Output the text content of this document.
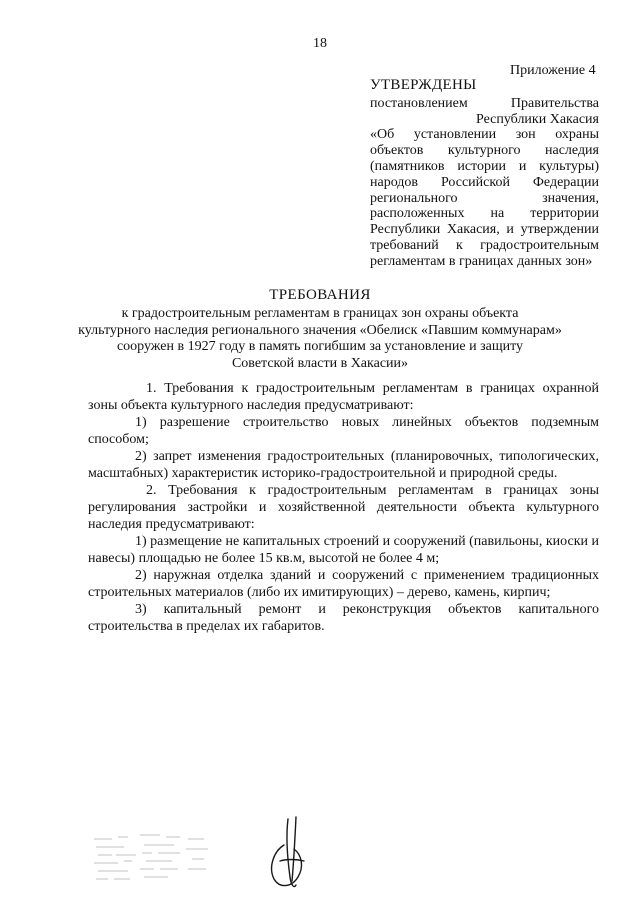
18
Приложение 4
УТВЕРЖДЕНЫ
постановлением Правительства
Республики Хакасия
«Об установлении зон охраны
объектов культурного наследия
(памятников истории и культуры)
народов Российской Федерации
регионального значения,
расположенных на территории
Республики Хакасия, и утверждении
требований к градостроительным
регламентам в границах данных зон»
ТРЕБОВАНИЯ
к градостроительным регламентам в границах зон охраны объекта
культурного наследия регионального значения «Обелиск «Павшим коммунарам»
сооружен в 1927 году в память погибшим за установление и защиту
Советской власти в Хакасии»

1. Требования к градостроительным регламентам в границах охранной зоны объекта культурного наследия предусматривают:

1) разрешение строительство новых линейных объектов подземным способом;

2) запрет изменения градостроительных (планировочных, типологических, масштабных) характеристик историко-градостроительной и природной среды.

2. Требования к градостроительным регламентам в границах зоны регулирования застройки и хозяйственной деятельности объекта культурного наследия предусматривают:

1) размещение не капитальных строений и сооружений (павильоны, киоски и навесы) площадью не более 15 кв.м, высотой не более 4 м;

2) наружная отделка зданий и сооружений с применением традиционных строительных материалов (либо их имитирующих) – дерево, камень, кирпич;

3) капитальный ремонт и реконструкция объектов капитального строительства в пределах их габаритов.
